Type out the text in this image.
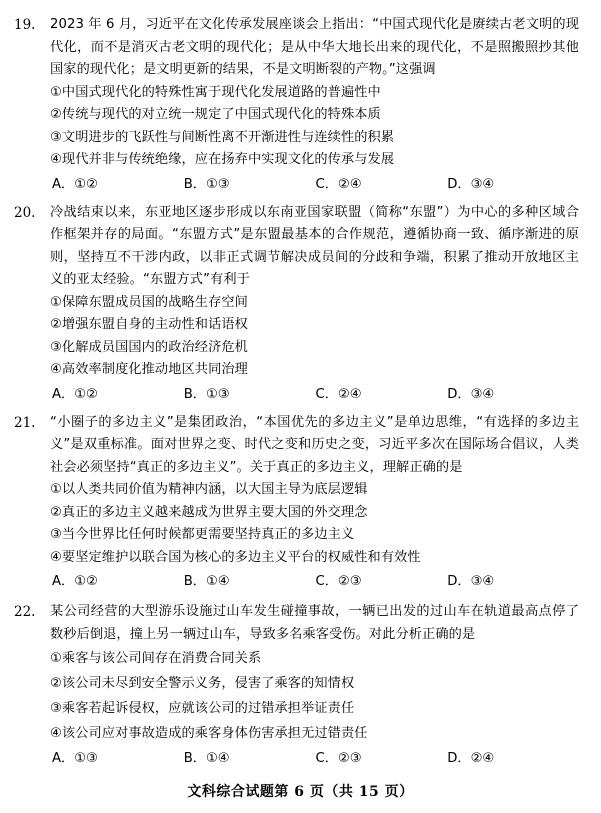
19. 2023 年 6 月，习近平在文化传承发展座谈会上指出：“中国式现代化是赓续古老文明的现代化，而不是消灭古老文明的现代化；是从中华大地长出来的现代化，不是照搬照抄其他国家的现代化；是文明更新的结果，不是文明断裂的产物。”这强调
①中国式现代化的特殊性寓于现代化发展道路的普遍性中
②传统与现代的对立统一规定了中国式现代化的特殊本质
③文明进步的飞跃性与间断性离不开渐进性与连续性的积累
④现代并非与传统绝缘，应在扬弃中实现文化的传承与发展
A．①②	B．①③	C．②④	D．③④
20. 冷战结束以来，东亚地区逐步形成以东南亚国家联盟（简称“东盟”）为中心的多种区域合作框架并存的局面。“东盟方式”是东盟最基本的合作规范，遵循协商一致、循序渐进的原则，坚持互不干涉内政，以非正式调节解决成员间的分歧和争端，积累了推动开放地区主义的亚太经验。“东盟方式”有利于
①保障东盟成员国的战略生存空间
②增强东盟自身的主动性和话语权
③化解成员国国内的政治经济危机
④高效率制度化推动地区共同治理
A．①②	B．①③	C．②④	D．③④
21. “小圈子的多边主义”是集团政治，“本国优先的多边主义”是单边思维，“有选择的多边主义”是双重标准。面对世界之变、时代之变和历史之变，习近平多次在国际场合倡议，人类社会必须坚持“真正的多边主义”。关于真正的多边主义，理解正确的是
①以人类共同价值为精神内涵，以大国主导为底层逻辑
②真正的多边主义越来越成为世界主要大国的外交理念
③当今世界比任何时候都更需要坚持真正的多边主义
④要坚定维护以联合国为核心的多边主义平台的权威性和有效性
A．①②	B．①④	C．②③	D．③④
22. 某公司经营的大型游乐设施过山车发生碰撞事故，一辆已出发的过山车在轨道最高点停了数秒后倒退，撞上另一辆过山车，导致多名乘客受伤。对此分析正确的是
①乘客与该公司间存在消费合同关系
②该公司未尽到安全警示义务，侵害了乘客的知情权
③乘客若起诉侵权，应就该公司的过错承担举证责任
④该公司应对事故造成的乘客身体伤害承担无过错责任
A．①③	B．①④	C．②③	D．②④
文科综合试题第 6 页（共 15 页）
